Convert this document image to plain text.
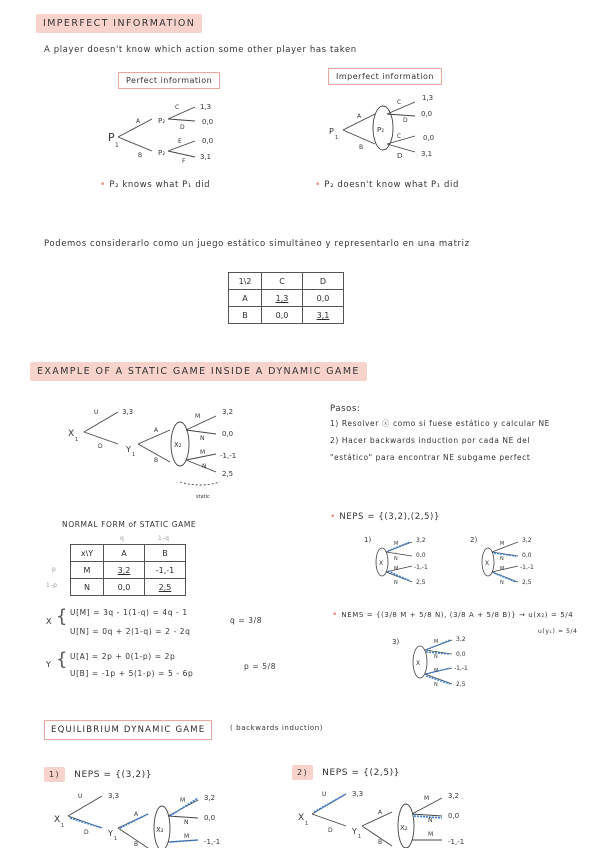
IMPERFECT INFORMATION
A player doesn't know which action some other player has taken
Perfect information	Imperfect information
P
1
P₂
P₂
A
B
C
D
E
F
1,3
0,0
0,0
3,1
P
1
P₂
A
B
C
D
C
D
1,3
0,0
0,0
3,1
• P₂ knows what P₁ did	• P₂ doesn't know what P₁ did
Podemos considerarlo como un juego estático simultáneo y representarlo en una matriz
1\2	C	D
A	1,3	0,0
B	0,0	3,1
EXAMPLE OF A STATIC GAME INSIDE A DYNAMIC GAME
X
1
U
D
3,3
Y
1
A
B
X₂
M
N
M
N
3,2
0,0
-1,-1
2,5
static
Pasos:
1) Resolver ⓧ como si fuese estático y calcular NE
2) Hacer backwards induction por cada NE del
"estático" para encontrar NE subgame perfect
NORMAL FORM of STATIC GAME
q	1-q
p
1-p
x\Y	A	B
M	3,2	-1,-1
N	0,0	2,5
X { U[M] = 3q - 1(1-q) = 4q - 1
U[N] = 0q + 2(1-q) = 2 - 2q
q = 3/8
Y { U[A] = 2p + 0(1-p) = 2p
U[B] = -1p + 5(1-p) = 5 - 6p
p = 5/8
• NEPS = {(3,2),(2,5)}
1)
X
M
N
M
N
3,2
0,0
-1,-1
2,5
2)
X
M
N
M
N
3,2
0,0
-1,-1
2,5
• NEMS = {(3/8 M + 5/8 N), (3/8 A + 5/8 B)} → u(x₂) = 5/4
u(y₁) = 5/4
3)
X
M
N
M
N
3,2
0,0
-1,-1
2,5
EQUILIBRIUM DYNAMIC GAME	( backwards induction)
1) NEPS = {(3,2)}	2) NEPS = {(2,5)}
X
1
U
D
3,3
Y
1
A
B
X₂
M
N
M
3,2
0,0
-1,-1
X
1
U
D
3,3
Y
1
A
B
X₂
M
N
M
3,2
0,0
-1,-1
